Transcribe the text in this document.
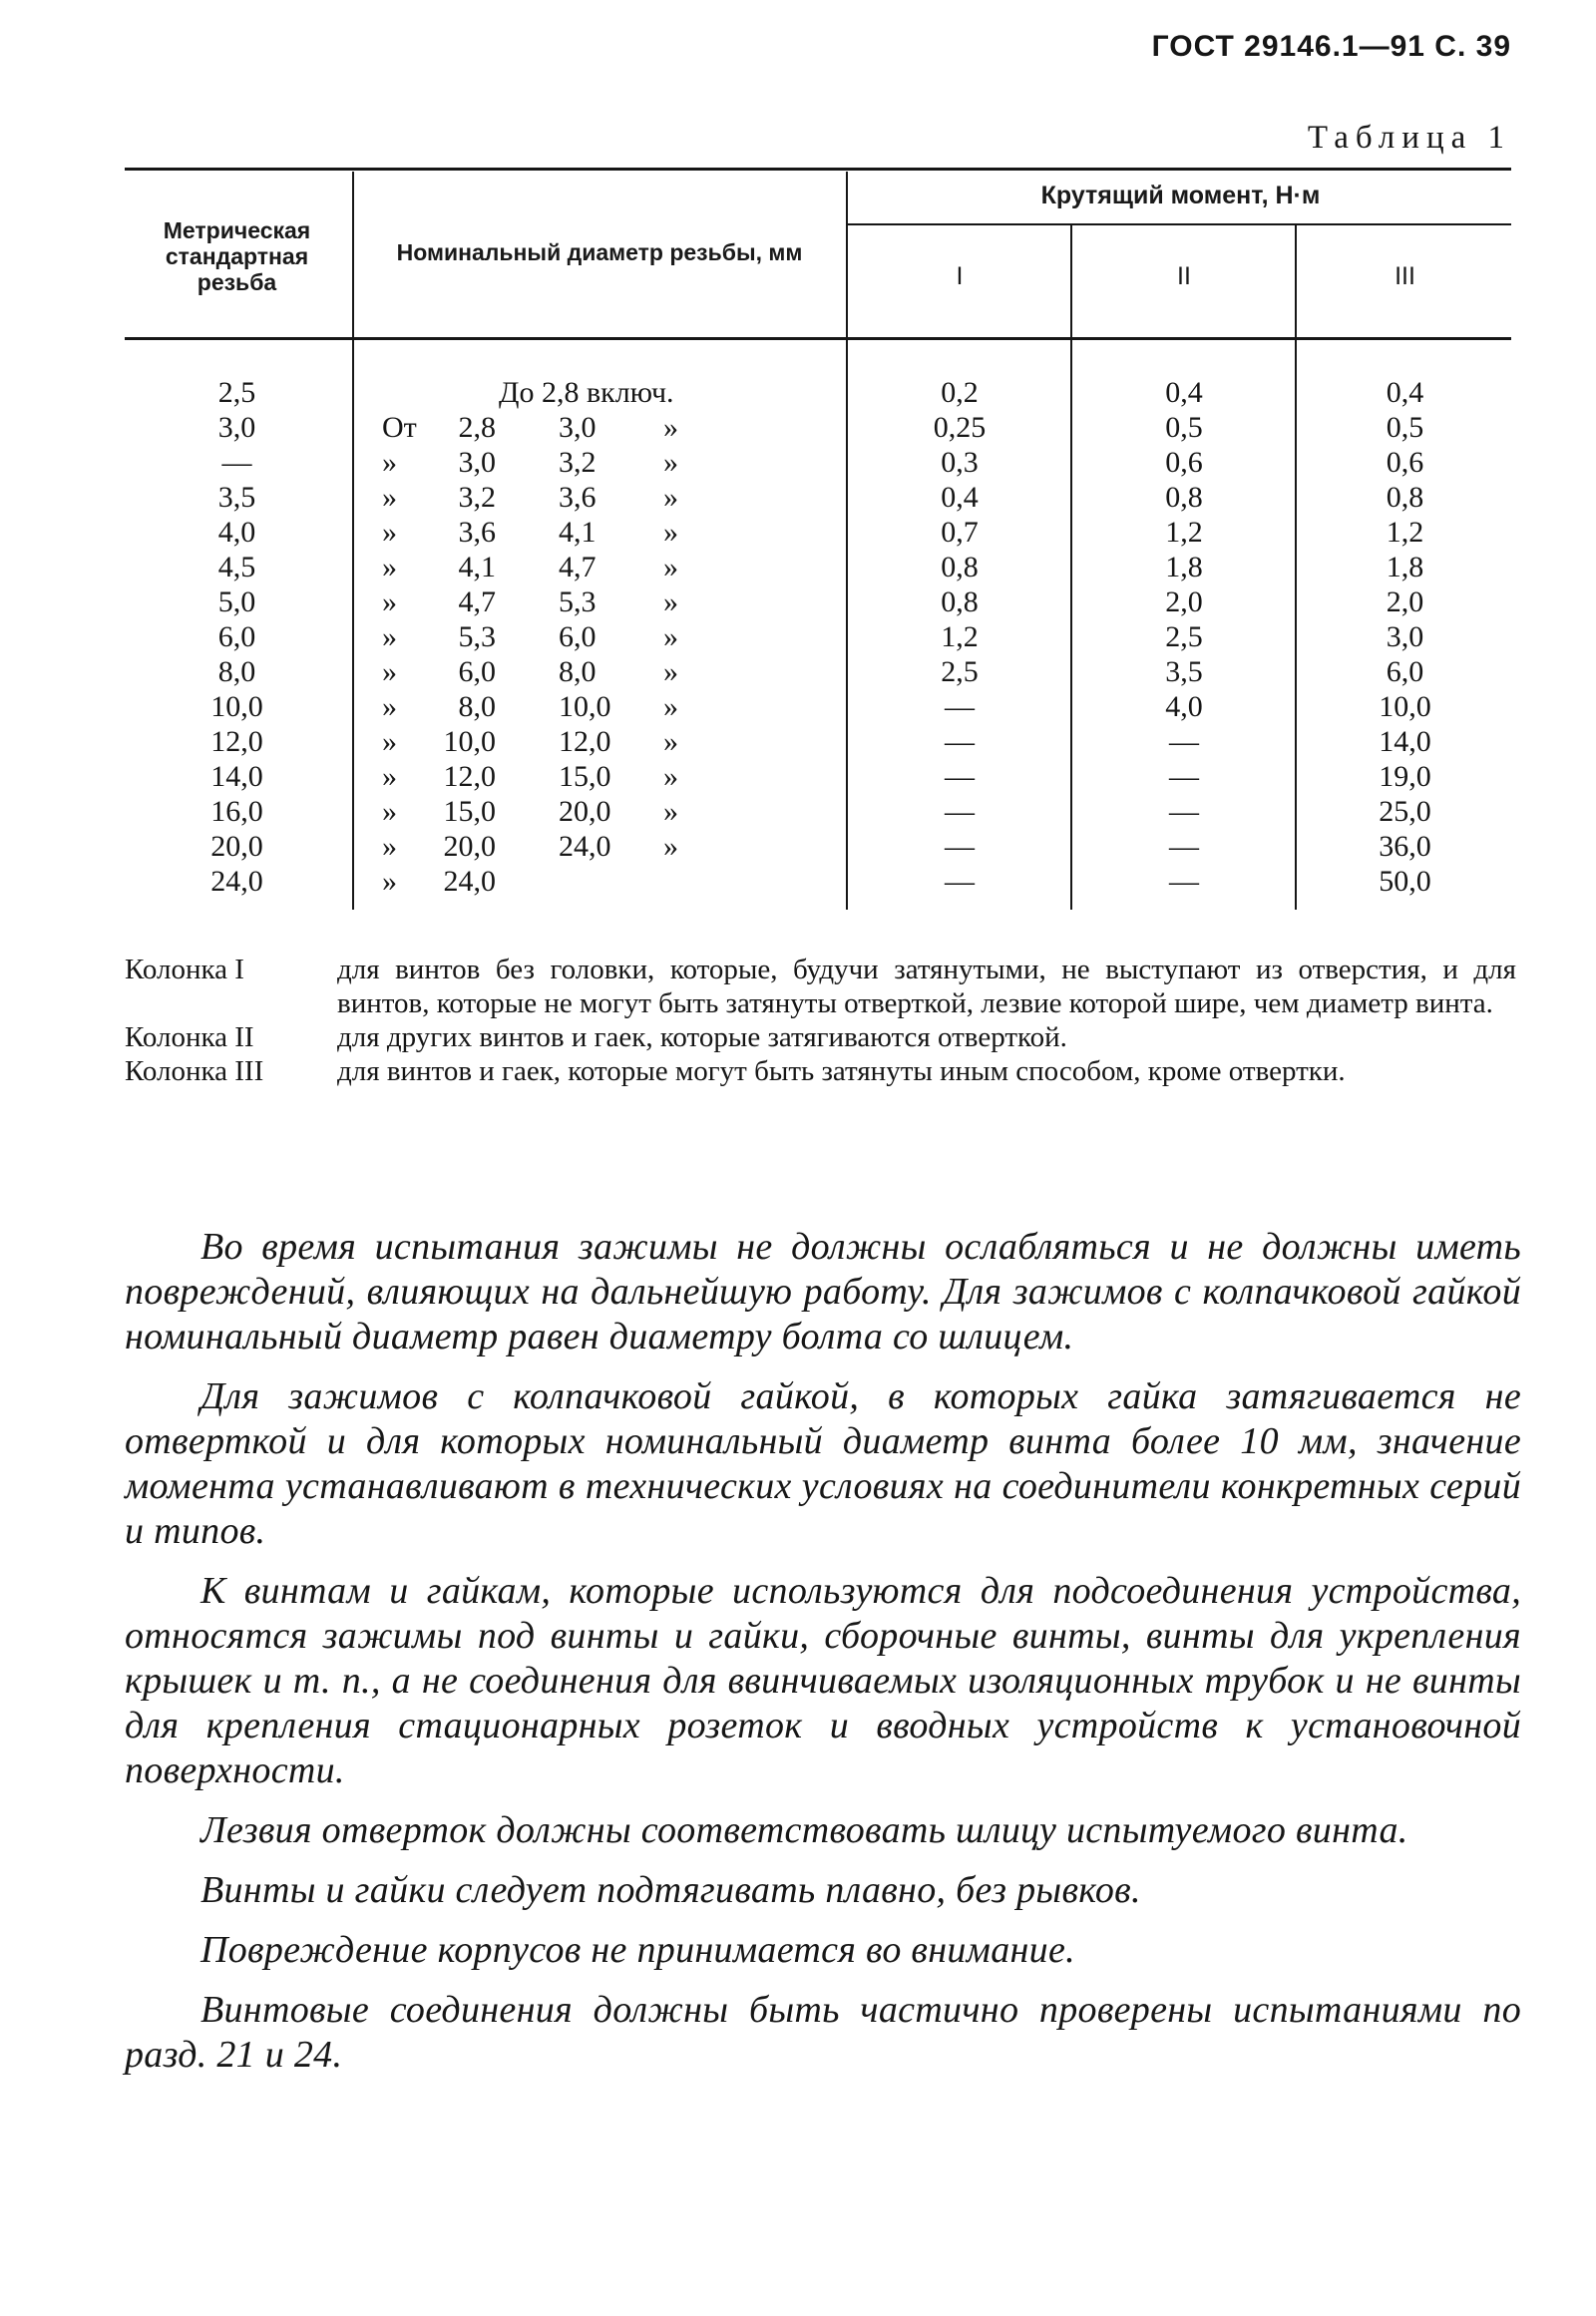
ГОСТ 29146.1—91 С. 39
Таблица 1
Метрическая стандартная резьба
Номинальный диаметр резьбы, мм
Крутящий момент, Н·м
I	II	III
2,5	До 2,8 включ.	0,2	0,4	0,4
3,0	От	2,8 3,0	»	0,25	0,5	0,5
—	»	3,0 3,2	»	0,3	0,6	0,6
3,5	»	3,2 3,6	»	0,4	0,8	0,8
4,0	»	3,6 4,1	»	0,7	1,2	1,2
4,5	»	4,1 4,7	»	0,8	1,8	1,8
5,0	»	4,7 5,3	»	0,8	2,0	2,0
6,0	»	5,3 6,0	»	1,2	2,5	3,0
8,0	»	6,0 8,0	»	2,5	3,5	6,0
10,0	»	8,0 10,0	»	—	4,0	10,0
12,0	»	10,0 12,0	»	—	—	14,0
14,0	»	12,0 15,0	»	—	—	19,0
16,0	»	15,0 20,0	»	—	—	25,0
20,0	»	20,0 24,0	»	—	—	36,0
24,0	»	24,0	—	—	50,0
Колонка I	для винтов без головки, которые, будучи затянутыми, не выступают из отверстия, и для винтов, которые не могут быть затянуты отверткой, лезвие которой шире, чем диаметр винта.
Колонка II	для других винтов и гаек, которые затягиваются отверткой.
Колонка III	для винтов и гаек, которые могут быть затянуты иным способом, кроме отвертки.

Во время испытания зажимы не должны ослабляться и не должны иметь повреждений, влияющих на дальнейшую работу. Для зажимов с колпачковой гайкой номинальный диаметр равен диаметру болта со шлицем.

Для зажимов с колпачковой гайкой, в которых гайка затягивается не отверткой и для которых номинальный диаметр винта более 10 мм, значение момента устанавливают в технических условиях на соединители конкретных серий и типов.

К винтам и гайкам, которые используются для подсоединения устройства, относятся зажимы под винты и гайки, сборочные винты, винты для укрепления крышек и т. п., а не соединения для ввинчиваемых изоляционных трубок и не винты для крепления стационарных розеток и вводных устройств к установочной поверхности.

Лезвия отверток должны соответствовать шлицу испытуемого винта.

Винты и гайки следует подтягивать плавно, без рывков.

Повреждение корпусов не принимается во внимание.

Винтовые соединения должны быть частично проверены испытаниями по разд. 21 и 24.
